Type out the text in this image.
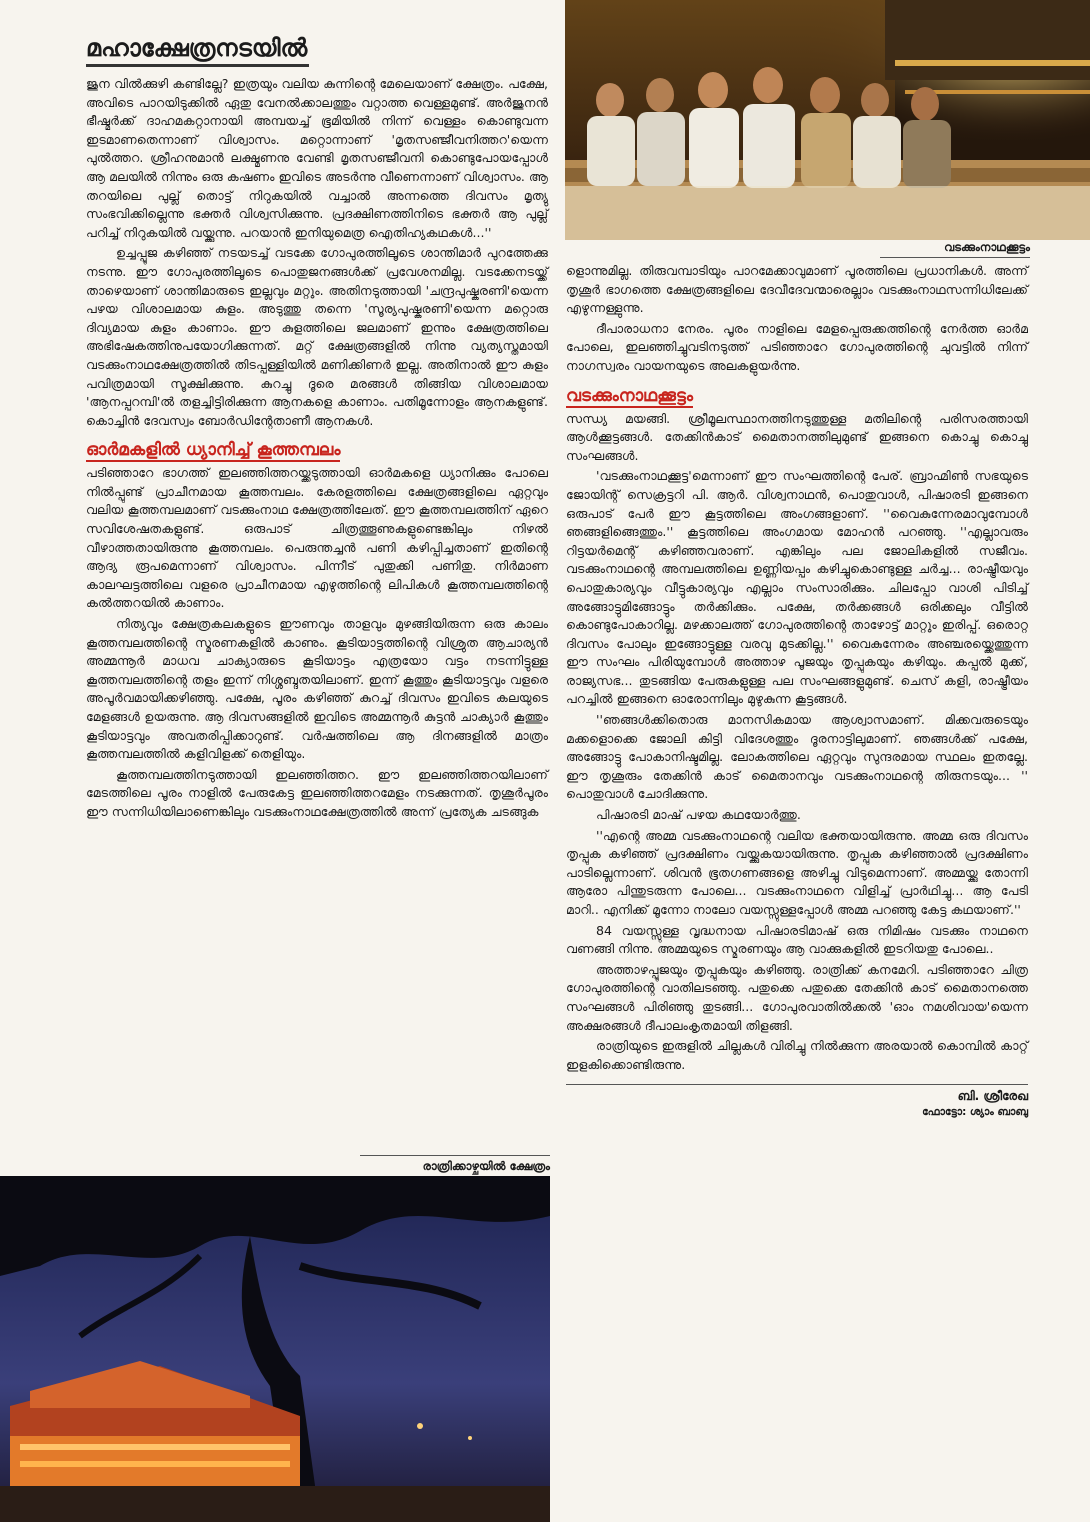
വടക്കുംനാഥക്കൂട്ടം
മഹാക്ഷേത്രനടയിൽ

ജുന വിൽക്കുഴി കണ്ടില്ലേ? ഇത്രയും വലിയ കുന്നിന്റെ മേലെയാണ് ക്ഷേത്രം. പക്ഷേ, അവിടെ പാറയിടുക്കിൽ ഏതു വേനൽക്കാലത്തും വറ്റാത്ത വെള്ളമുണ്ട്. അർജുനൻ ഭീഷ്മർക്ക് ദാഹമകറ്റാനായി അമ്പയച്ച് ഭൂമിയിൽ നിന്ന് വെള്ളം കൊണ്ടുവന്ന ഇടമാണതെന്നാണ് വിശ്വാസം. മറ്റൊന്നാണ് 'മൃതസഞ്ജീവനിത്തറ'യെന്ന പുൽത്തറ. ശ്രീഹനുമാൻ ലക്ഷ്മണനു വേണ്ടി മൃതസഞ്ജീവനി കൊണ്ടുപോയപ്പോൾ ആ മലയിൽ നിന്നും ഒരു കഷണം ഇവിടെ അടർന്നു വീണെന്നാണ് വിശ്വാസം. ആ തറയിലെ പുല്ല് തൊട്ട് നിറുകയിൽ വച്ചാൽ അന്നത്തെ ദിവസം മൃത്യു സംഭവിക്കില്ലെന്നു ഭക്തർ വിശ്വസിക്കുന്നു. പ്രദക്ഷിണത്തിനിടെ ഭക്തർ ആ പുല്ല് പറിച്ച് നിറുകയിൽ വയ്ക്കുന്നു. പറയാൻ ഇനിയുമെത്ര ഐതിഹ്യകഥകൾ...''

ഉച്ചപ്പൂജ കഴിഞ്ഞ് നടയടച്ച് വടക്കേ ഗോപുരത്തിലൂടെ ശാന്തിമാർ പുറത്തേക്കു നടന്നു. ഈ ഗോപുരത്തിലൂടെ പൊതുജനങ്ങൾക്ക് പ്രവേശനമില്ല. വടക്കേനടയ്ക്ക് താഴെയാണ് ശാന്തിമാരുടെ ഇല്ലവും മറ്റും. അതിനടുത്തായി 'ചന്ദ്രപുഷ്കരണി'യെന്ന പഴയ വിശാലമായ കുളം. അടുത്തു തന്നെ 'സൂര്യപുഷ്കരണി'യെന്ന മറ്റൊരു ദിവ്യമായ കുളം കാണാം. ഈ കുളത്തിലെ ജലമാണ് ഇന്നും ക്ഷേത്രത്തിലെ അഭിഷേകത്തിനുപയോഗിക്കുന്നത്. മറ്റ് ക്ഷേത്രങ്ങളിൽ നിന്നു വ്യത്യസ്തമായി വടക്കുംനാഥക്ഷേത്രത്തിൽ തിടപ്പള്ളിയിൽ മണിക്കിണർ ഇല്ല. അതിനാൽ ഈ കുളം പവിത്രമായി സൂക്ഷിക്കുന്നു. കുറച്ചു ദൂരെ മരങ്ങൾ തിങ്ങിയ വിശാലമായ 'ആനപ്പറമ്പി'ൽ തളച്ചിട്ടിരിക്കുന്ന ആനകളെ കാണാം. പതിമൂന്നോളം ആനകളുണ്ട്. കൊച്ചിൻ ദേവസ്വം ബോർഡിന്റേതാണീ ആനകൾ.

ഓർമകളിൽ ധ്യാനിച്ച് കൂത്തമ്പലം

പടിഞ്ഞാറേ ഭാഗത്ത് ഇലഞ്ഞിത്തറയ്ക്കടുത്തായി ഓർമകളെ ധ്യാനിക്കും പോലെ നിൽപ്പുണ്ട് പ്രാചീനമായ കൂത്തമ്പലം. കേരളത്തിലെ ക്ഷേത്രങ്ങളിലെ ഏറ്റവും വലിയ കൂത്തമ്പലമാണ് വടക്കുംനാഥ ക്ഷേത്രത്തിലേത്. ഈ കൂത്തമ്പലത്തിന് ഏറെ സവിശേഷതകളുണ്ട്. ഒരുപാട് ചിത്രത്തൂണുകളുണ്ടെങ്കിലും നിഴൽ വീഴാത്തതായിരുന്നു കൂത്തമ്പലം. പെരുന്തച്ചൻ പണി കഴിപ്പിച്ചതാണ് ഇതിന്റെ ആദ്യ രൂപമെന്നാണ് വിശ്വാസം. പിന്നീട് പുതുക്കി പണിതു. നിർമാണ കാലഘട്ടത്തിലെ വളരെ പ്രാചീനമായ എഴുത്തിന്റെ ലിപികൾ കൂത്തമ്പലത്തിന്റെ കൽത്തറയിൽ കാണാം.

നിത്യവും ക്ഷേത്രകലകളുടെ ഈണവും താളവും മുഴങ്ങിയിരുന്ന ഒരു കാലം കൂത്തമ്പലത്തിന്റെ സ്മരണകളിൽ കാണും. കൂടിയാട്ടത്തിന്റെ വിശ്രുത ആചാര്യൻ അമ്മന്നൂർ മാധവ ചാക്യാരുടെ കൂടിയാട്ടം എത്രയോ വട്ടം നടന്നിട്ടുള്ള കൂത്തമ്പലത്തിന്റെ തളം ഇന്ന് നിശ്ശബ്ദതയിലാണ്. ഇന്ന് കൂത്തും കൂടിയാട്ടവും വളരെ അപൂർവമായിക്കഴിഞ്ഞു. പക്ഷേ, പൂരം കഴിഞ്ഞ് കുറച്ച് ദിവസം ഇവിടെ കലയുടെ മേളങ്ങൾ ഉയരുന്നു. ആ ദിവസങ്ങളിൽ ഇവിടെ അമ്മന്നൂർ കുട്ടൻ ചാക്യാർ കൂത്തും കൂടിയാട്ടവും അവതരിപ്പിക്കാറുണ്ട്. വർഷത്തിലെ ആ ദിനങ്ങളിൽ മാത്രം കൂത്തമ്പലത്തിൽ കളിവിളക്ക് തെളിയും.

കൂത്തമ്പലത്തിനടുത്തായി ഇലഞ്ഞിത്തറ. ഈ ഇലഞ്ഞിത്തറയിലാണ് മേടത്തിലെ പൂരം നാളിൽ പേരുകേട്ട ഇലഞ്ഞിത്തറമേളം നടക്കുന്നത്. തൃശൂർപൂരം ഈ സന്നിധിയിലാണെങ്കിലും വടക്കുംനാഥക്ഷേത്രത്തിൽ അന്ന് പ്രത്യേക ചടങ്ങുക

രാത്രിക്കാഴ്ചയിൽ ക്ഷേത്രം

ളൊന്നുമില്ല. തിരുവമ്പാടിയും പാറമേക്കാവുമാണ് പൂരത്തിലെ പ്രധാനികൾ. അന്ന് തൃശൂർ ഭാഗത്തെ ക്ഷേത്രങ്ങളിലെ ദേവീദേവന്മാരെല്ലാം വടക്കുംനാഥസന്നിധിലേക്ക് എഴുന്നള്ളുന്നു.

ദീപാരാധനാ നേരം. പൂരം നാളിലെ മേളപ്പെരുക്കത്തിന്റെ നേർത്ത ഓർമ പോലെ, ഇലഞ്ഞിച്ചുവടിനടുത്ത് പടിഞ്ഞാറേ ഗോപുരത്തിന്റെ ചുവട്ടിൽ നിന്ന് നാഗസ്വരം വായനയുടെ അലകളുയർന്നു.

വടക്കുംനാഥക്കൂട്ടം

സന്ധ്യ മയങ്ങി. ശ്രീമൂലസ്ഥാനത്തിനടുത്തുള്ള മതിലിന്റെ പരിസരത്തായി ആൾക്കൂട്ടങ്ങൾ. തേക്കിൻകാട് മൈതാനത്തിലുമുണ്ട് ഇങ്ങനെ കൊച്ചു കൊച്ചു സംഘങ്ങൾ.

'വടക്കുംനാഥക്കൂട്ട'മെന്നാണ് ഈ സംഘത്തിന്റെ പേര്. ബ്രാഹ്മിൺ സഭയുടെ ജോയിന്റ് സെക്രട്ടറി പി. ആർ. വിശ്വനാഥൻ, പൊതുവാൾ, പിഷാരടി ഇങ്ങനെ ഒരുപാട് പേർ ഈ കൂട്ടത്തിലെ അംഗങ്ങളാണ്. ''വൈകുന്നേരമാവുമ്പോൾ ഞങ്ങളിങ്ങെത്തും.'' കൂട്ടത്തിലെ അംഗമായ മോഹൻ പറഞ്ഞു. ''എല്ലാവരും റിട്ടയർമെന്റ് കഴിഞ്ഞവരാണ്. എങ്കിലും പല ജോലികളിൽ സജീവം. വടക്കുംനാഥന്റെ അമ്പലത്തിലെ ഉണ്ണിയപ്പം കഴിച്ചുകൊണ്ടുള്ള ചർച്ച... രാഷ്ട്രീയവും പൊതുകാര്യവും വീട്ടുകാര്യവും എല്ലാം സംസാരിക്കും. ചിലപ്പോ വാശി പിടിച്ച് അങ്ങോട്ടുമിങ്ങോട്ടും തർക്കിക്കും. പക്ഷേ, തർക്കങ്ങൾ ഒരിക്കലും വീട്ടിൽ കൊണ്ടുപോകാറില്ല. മഴക്കാലത്ത് ഗോപുരത്തിന്റെ താഴോട്ട് മാറ്റും ഇരിപ്പ്. ഒരൊറ്റ ദിവസം പോലും ഇങ്ങോട്ടുള്ള വരവു മുടക്കില്ല.'' വൈകുന്നേരം അഞ്ചരയ്ക്കെത്തുന്ന ഈ സംഘം പിരിയുമ്പോൾ അത്താഴ പൂജയും തൃപ്പുകയും കഴിയും. കപ്പൽ മുക്ക്, രാജ്യസഭ... തുടങ്ങിയ പേരുകളുള്ള പല സംഘങ്ങളുമുണ്ട്. ചെസ് കളി, രാഷ്ട്രീയം പറച്ചിൽ ഇങ്ങനെ ഓരോന്നിലും മുഴുകുന്ന കൂട്ടങ്ങൾ.

''ഞങ്ങൾക്കിതൊരു മാനസികമായ ആശ്വാസമാണ്. മിക്കവരുടെയും മക്കളൊക്കെ ജോലി കിട്ടി വിദേശത്തും ദൂരനാട്ടിലുമാണ്. ഞങ്ങൾക്ക് പക്ഷേ, അങ്ങോട്ടു പോകാനിഷ്ടമില്ല. ലോകത്തിലെ ഏറ്റവും സുന്ദരമായ സ്ഥലം ഇതല്ലേ. ഈ തൃശൂരും തേക്കിൻ കാട് മൈതാനവും വടക്കുംനാഥന്റെ തിരുനടയും... '' പൊതുവാൾ ചോദിക്കുന്നു.

പിഷാരടി മാഷ് പഴയ കഥയോർത്തു.

''എന്റെ അമ്മ വടക്കുംനാഥന്റെ വലിയ ഭക്തയായിരുന്നു. അമ്മ ഒരു ദിവസം തൃപ്പുക കഴിഞ്ഞ് പ്രദക്ഷിണം വയ്ക്കുകയായിരുന്നു. തൃപ്പുക കഴിഞ്ഞാൽ പ്രദക്ഷിണം പാടില്ലെന്നാണ്. ശിവൻ ഭൂതഗണങ്ങളെ അഴിച്ചു വിടുമെന്നാണ്. അമ്മയ്ക്കു തോന്നി ആരോ പിന്തുടരുന്ന പോലെ... വടക്കുംനാഥനെ വിളിച്ച് പ്രാർഥിച്ചു... ആ പേടി മാറി.. എനിക്ക് മൂന്നോ നാലോ വയസ്സുള്ളപ്പോൾ അമ്മ പറഞ്ഞു കേട്ട കഥയാണ്.''

84 വയസ്സുള്ള വൃദ്ധനായ പിഷാരടിമാഷ് ഒരു നിമിഷം വടക്കും നാഥനെ വണങ്ങി നിന്നു. അമ്മയുടെ സ്മരണയും ആ വാക്കുകളിൽ ഇടറിയതു പോലെ..

അത്താഴപ്പൂജയും തൃപ്പുകയും കഴിഞ്ഞു. രാത്രിക്ക് കനമേറി. പടിഞ്ഞാറേ ചിത്ര ഗോപുരത്തിന്റെ വാതിലടഞ്ഞു. പതുക്കെ പതുക്കെ തേക്കിൻ കാട് മൈതാനത്തെ സംഘങ്ങൾ പിരിഞ്ഞു തുടങ്ങി... ഗോപുരവാതിൽക്കൽ 'ഓം നമശിവായ'യെന്ന അക്ഷരങ്ങൾ ദീപാലംകൃതമായി തിളങ്ങി.

രാത്രിയുടെ ഇരുളിൽ ചില്ലകൾ വിരിച്ചു നിൽക്കുന്ന അരയാൽ കൊമ്പിൽ കാറ്റ് ഇളകിക്കൊണ്ടിരുന്നു.

ബി. ശ്രീരേഖ
ഫോട്ടോ: ശ്യാം ബാബു
